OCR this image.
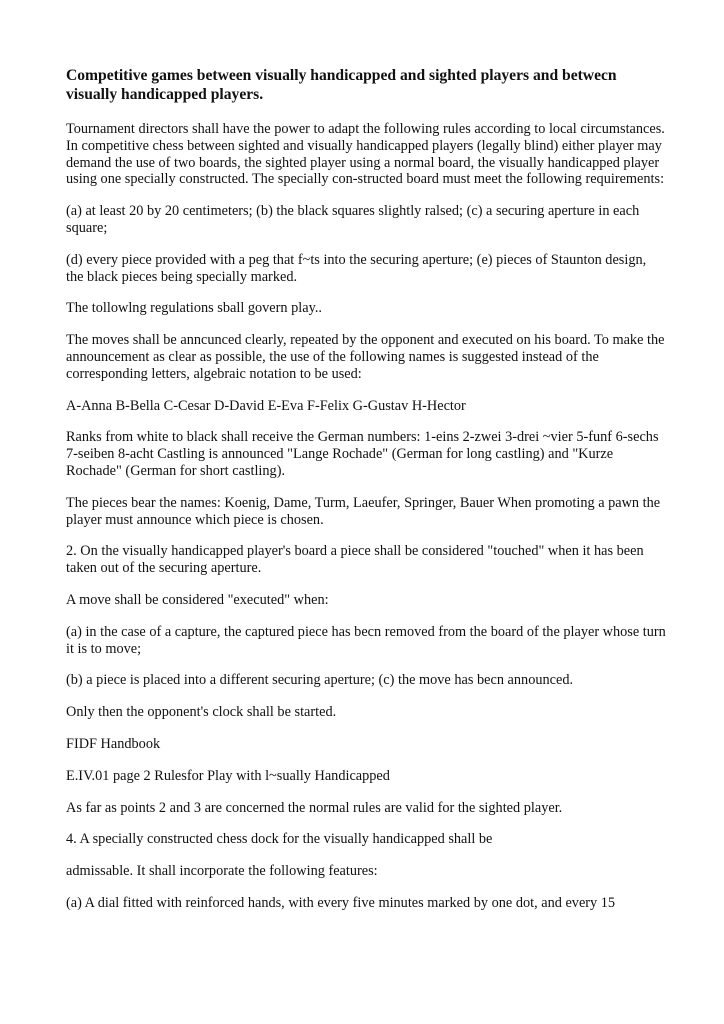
Competitive games between visually handicapped and sighted players and betwecn visually handicapped players.

Tournament directors shall have the power to adapt the following rules according to local circumstances. In competitive chess between sighted and visually handicapped players (legally blind) either player may demand the use of two boards, the sighted player using a normal board, the visually handicapped player using one specially constructed. The specially con-structed board must meet the following requirements:

(a) at least 20 by 20 centimeters; (b) the black squares slightly ralsed; (c) a securing aperture in each square;

(d) every piece provided with a peg that f~ts into the securing aperture; (e) pieces of Staunton design, the black pieces being specially marked.

The tollowlng regulations sball govern play..

The moves shall be anncunced clearly, repeated by the opponent and executed on his board. To make the announcement as clear as possible, the use of the following names is suggested instead of the corresponding letters, algebraic notation to be used:

A-Anna B-Bella C-Cesar D-David E-Eva F-Felix G-Gustav H-Hector

Ranks from white to black shall receive the German numbers: 1-eins 2-zwei 3-drei ~vier 5-funf 6-sechs 7-seiben 8-acht Castling is announced "Lange Rochade" (German for long castling) and "Kurze Rochade" (German for short castling).

The pieces bear the names: Koenig, Dame, Turm, Laeufer, Springer, Bauer When promoting a pawn the player must announce which piece is chosen.

2. On the visually handicapped player's board a piece shall be considered "touched" when it has been taken out of the securing aperture.

A move shall be considered "executed" when:

(a) in the case of a capture, the captured piece has becn removed from the board of the player whose turn it is to move;

(b) a piece is placed into a different securing aperture; (c) the move has becn announced.

Only then the opponent's clock shall be started.

FIDF Handbook

E.IV.01 page 2 Rulesfor Play with l~sually Handicapped

As far as points 2 and 3 are concerned the normal rules are valid for the sighted player.

4. A specially constructed chess dock for the visually handicapped shall be

admissable. It shall incorporate the following features:

(a) A dial fitted with reinforced hands, with every five minutes marked by one dot, and every 15
